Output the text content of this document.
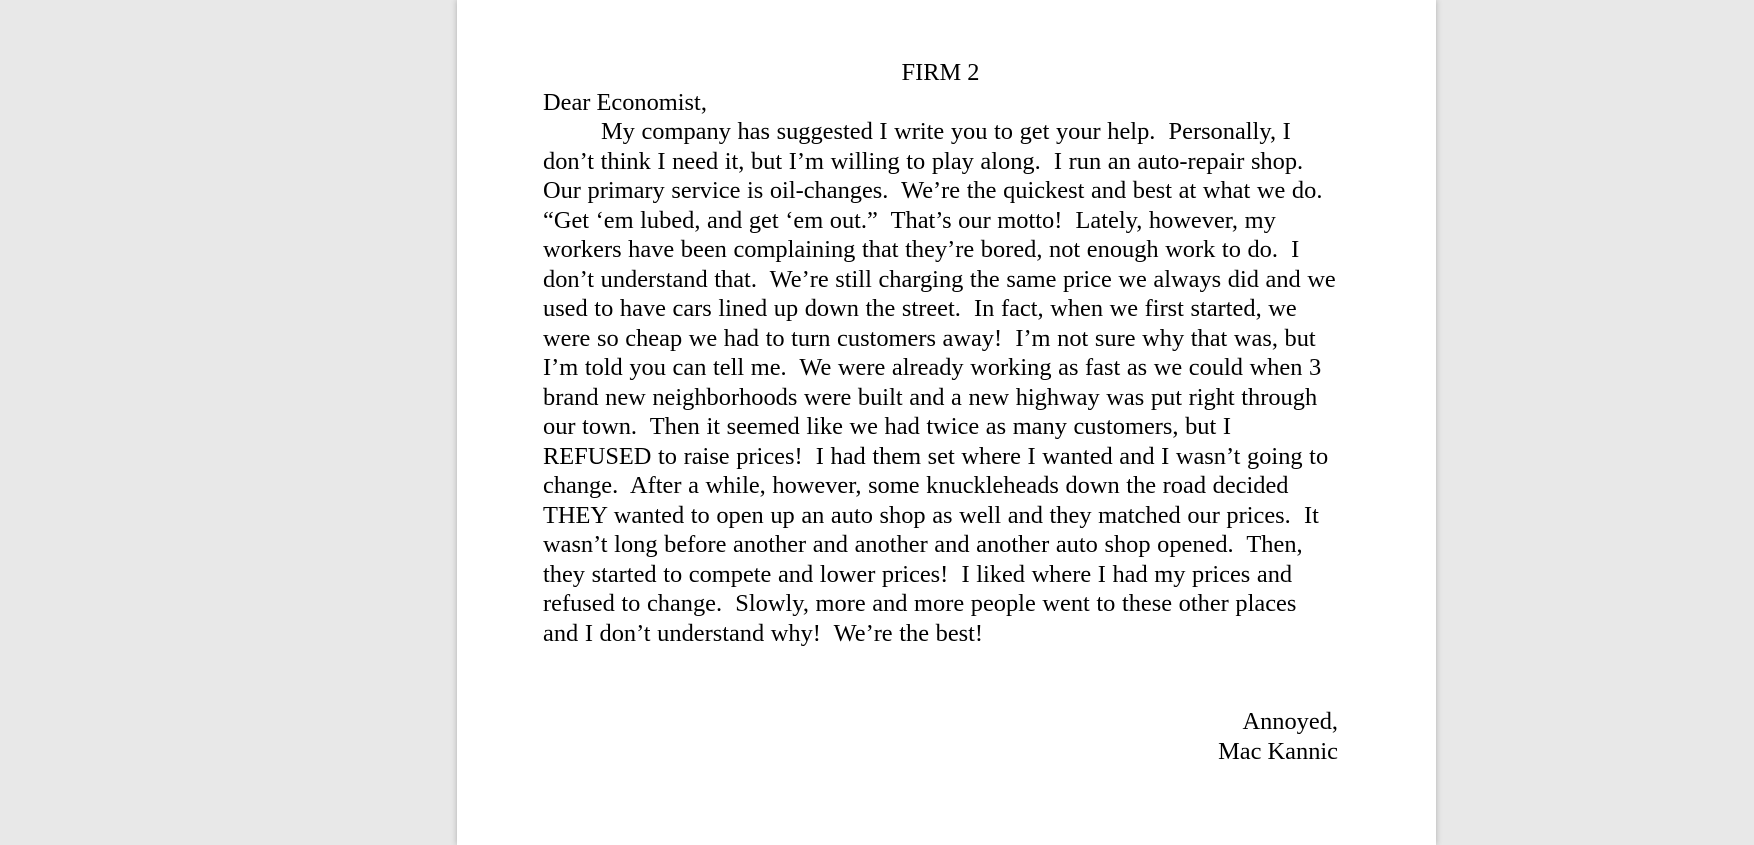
FIRM 2

Dear Economist,

My company has suggested I write you to get your help.  Personally, I don’t think I need it, but I’m willing to play along.  I run an auto-repair shop. Our primary service is oil-changes.  We’re the quickest and best at what we do.  “Get ‘em lubed, and get ‘em out.”  That’s our motto!  Lately, however, my workers have been complaining that they’re bored, not enough work to do.  I don’t understand that.  We’re still charging the same price we always did and we used to have cars lined up down the street.  In fact, when we first started, we were so cheap we had to turn customers away!  I’m not sure why that was, but I’m told you can tell me.  We were already working as fast as we could when 3 brand new neighborhoods were built and a new highway was put right through our town.  Then it seemed like we had twice as many customers, but I REFUSED to raise prices!  I had them set where I wanted and I wasn’t going to change.  After a while, however, some knuckleheads down the road decided THEY wanted to open up an auto shop as well and they matched our prices.  It wasn’t long before another and another and another auto shop opened.  Then, they started to compete and lower prices!  I liked where I had my prices and refused to change.  Slowly, more and more people went to these other places and I don’t understand why!  We’re the best!

Annoyed,

Mac Kannic
